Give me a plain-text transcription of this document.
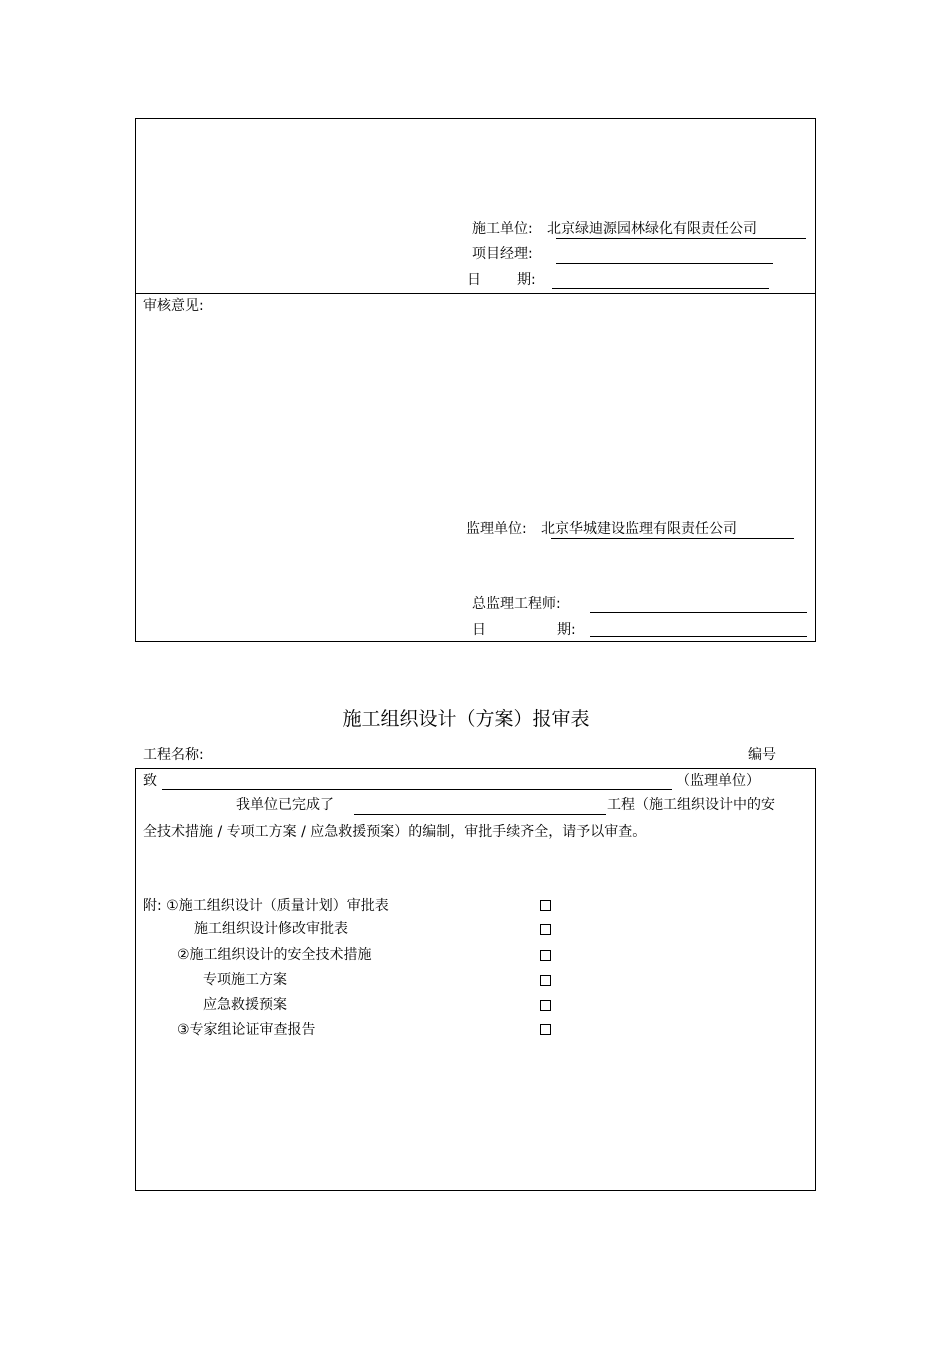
施工单位: 北京绿迪源园林绿化有限责任公司
项目经理:
日	期:
审核意见:
监理单位: 北京华城建设监理有限责任公司
总监理工程师:
日	期:
施工组织设计（方案）报审表
工程名称:	编号
致	（监理单位）
我单位已完成了	工程（施工组织设计中的安
全技术措施 / 专项工方案 / 应急救援预案）的编制，审批手续齐全，请予以审查。
附: ①施工组织设计（质量计划）审批表
施工组织设计修改审批表
②施工组织设计的安全技术措施
专项施工方案
应急救援预案
③专家组论证审查报告
